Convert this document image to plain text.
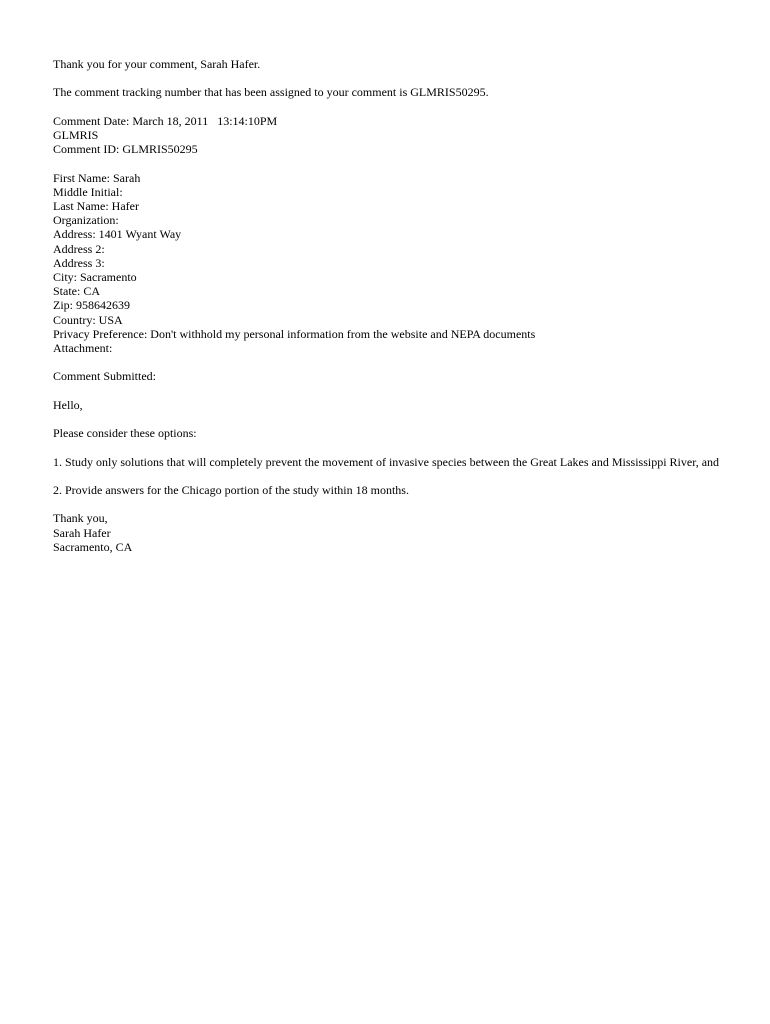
Thank you for your comment, Sarah Hafer.

The comment tracking number that has been assigned to your comment is GLMRIS50295.

Comment Date: March 18, 2011   13:14:10PM
GLMRIS
Comment ID: GLMRIS50295
First Name: Sarah
Middle Initial:
Last Name: Hafer
Organization:
Address: 1401 Wyant Way
Address 2:
Address 3:
City: Sacramento
State: CA
Zip: 958642639
Country: USA
Privacy Preference: Don't withhold my personal information from the website and NEPA documents
Attachment:

Comment Submitted:

Hello,

Please consider these options:

1. Study only solutions that will completely prevent the movement of invasive species between the Great Lakes and Mississippi River, and

2. Provide answers for the Chicago portion of the study within 18 months.

Thank you,
Sarah Hafer
Sacramento, CA
